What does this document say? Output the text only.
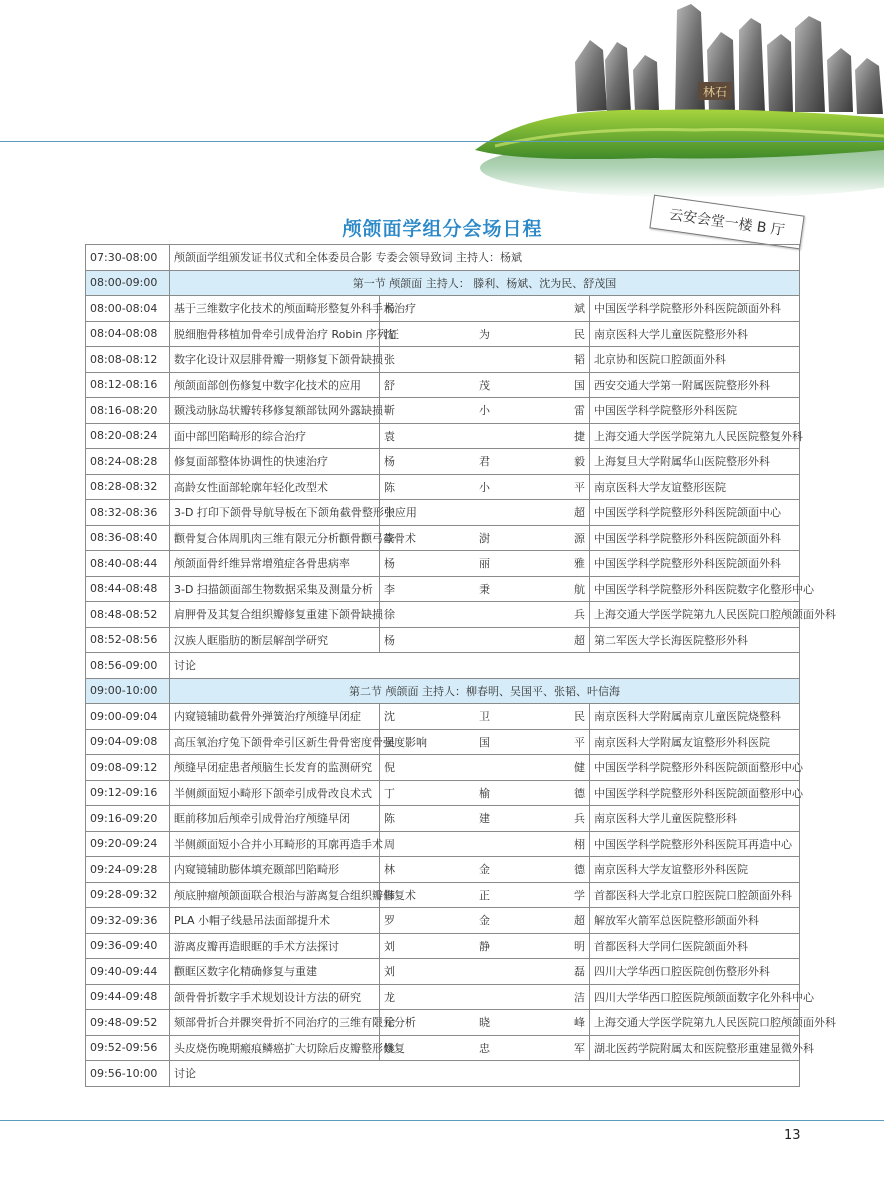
林石
颅颌面学组分会场日程	云安会堂一楼 B 厅
07:30-08:00	颅颌面学组颁发证书仪式和全体委员合影 专委会领导致词 主持人：杨斌		
08:00-09:00	第一节 颅颌面 主持人： 滕利、杨斌、沈为民、舒茂国		
08:00-08:04	基于三维数字化技术的颅面畸形整复外科手术治疗	杨 斌	中国医学科学院整形外科医院颌面外科
08:04-08:08	脱细胞骨移植加骨牵引成骨治疗 Robin 序列征	沈为民	南京医科大学儿童医院整形外科
08:08-08:12	数字化设计双层腓骨瓣一期修复下颌骨缺损	张 韬	北京协和医院口腔颌面外科
08:12-08:16	颅颌面部创伤修复中数字化技术的应用	舒茂国	西安交通大学第一附属医院整形外科
08:16-08:20	颞浅动脉岛状瓣转移修复额部钛网外露缺损	靳小雷	中国医学科学院整形外科医院
08:20-08:24	面中部凹陷畸形的综合治疗	袁 捷	上海交通大学医学院第九人民医院整复外科
08:24-08:28	修复面部整体协调性的快速治疗	杨君毅	上海复旦大学附属华山医院整形外科
08:28-08:32	高龄女性面部轮廓年轻化改型术	陈小平	南京医科大学友谊整形医院
08:32-08:36	3-D 打印下颌骨导航导板在下颌角截骨整形中应用	张 超	中国医学科学院整形外科医院颌面中心
08:36-08:40	颧骨复合体周肌肉三维有限元分析颧骨颧弓截骨术	李澍源	中国医学科学院整形外科医院颌面外科
08:40-08:44	颅颌面骨纤维异常增殖症各骨患病率	杨丽雅	中国医学科学院整形外科医院颌面外科
08:44-08:48	3-D 扫描颌面部生物数据采集及测量分析	李秉航	中国医学科学院整形外科医院数字化整形中心
08:48-08:52	肩胛骨及其复合组织瓣修复重建下颌骨缺损	徐 兵	上海交通大学医学院第九人民医院口腔颅颌面外科
08:52-08:56	汉族人眶脂肪的断层解剖学研究	杨 超	第二军医大学长海医院整形外科
08:56-09:00	讨论		
09:00-10:00	第二节 颅颌面 主持人：柳春明、吴国平、张韬、叶信海		
09:00-09:04	内窥镜辅助截骨外弹簧治疗颅缝早闭症	沈卫民	南京医科大学附属南京儿童医院烧整科
09:04-09:08	高压氧治疗兔下颌骨牵引区新生骨骨密度骨强度影响	吴国平	南京医科大学附属友谊整形外科医院
09:08-09:12	颅缝早闭症患者颅脑生长发育的监测研究	倪 健	中国医学科学院整形外科医院颌面整形中心
09:12-09:16	半侧颜面短小畸形下颌牵引成骨改良术式	丁榆德	中国医学科学院整形外科医院颌面整形中心
09:16-09:20	眶前移加后颅牵引成骨治疗颅缝早闭	陈建兵	南京医科大学儿童医院整形科
09:20-09:24	半侧颜面短小合并小耳畸形的耳廓再造手术	周 栩	中国医学科学院整形外科医院耳再造中心
09:24-09:28	内窥镜辅助膨体填充颞部凹陷畸形	林金德	南京医科大学友谊整形外科医院
09:28-09:32	颅底肿瘤颅颌面联合根治与游离复合组织瓣修复术	韩正学	首都医科大学北京口腔医院口腔颌面外科
09:32-09:36	PLA 小帽子线悬吊法面部提升术	罗金超	解放军火箭军总医院整形颌面外科
09:36-09:40	游离皮瓣再造眼眶的手术方法探讨	刘静明	首都医科大学同仁医院颌面外科
09:40-09:44	颧眶区数字化精确修复与重建	刘 磊	四川大学华西口腔医院创伤整形外科
09:44-09:48	颌骨骨折数字手术规划设计方法的研究	龙 洁	四川大学华西口腔医院颅颌面数字化外科中心
09:48-09:52	颏部骨折合并髁突骨折不同治疗的三维有限元分析	徐晓峰	上海交通大学医学院第九人民医院口腔颅颌面外科
09:52-09:56	头皮烧伤晚期瘢痕鳞癌扩大切除后皮瓣整形修复	姚忠军	湖北医药学院附属太和医院整形重建显微外科
09:56-10:00	讨论		
13
